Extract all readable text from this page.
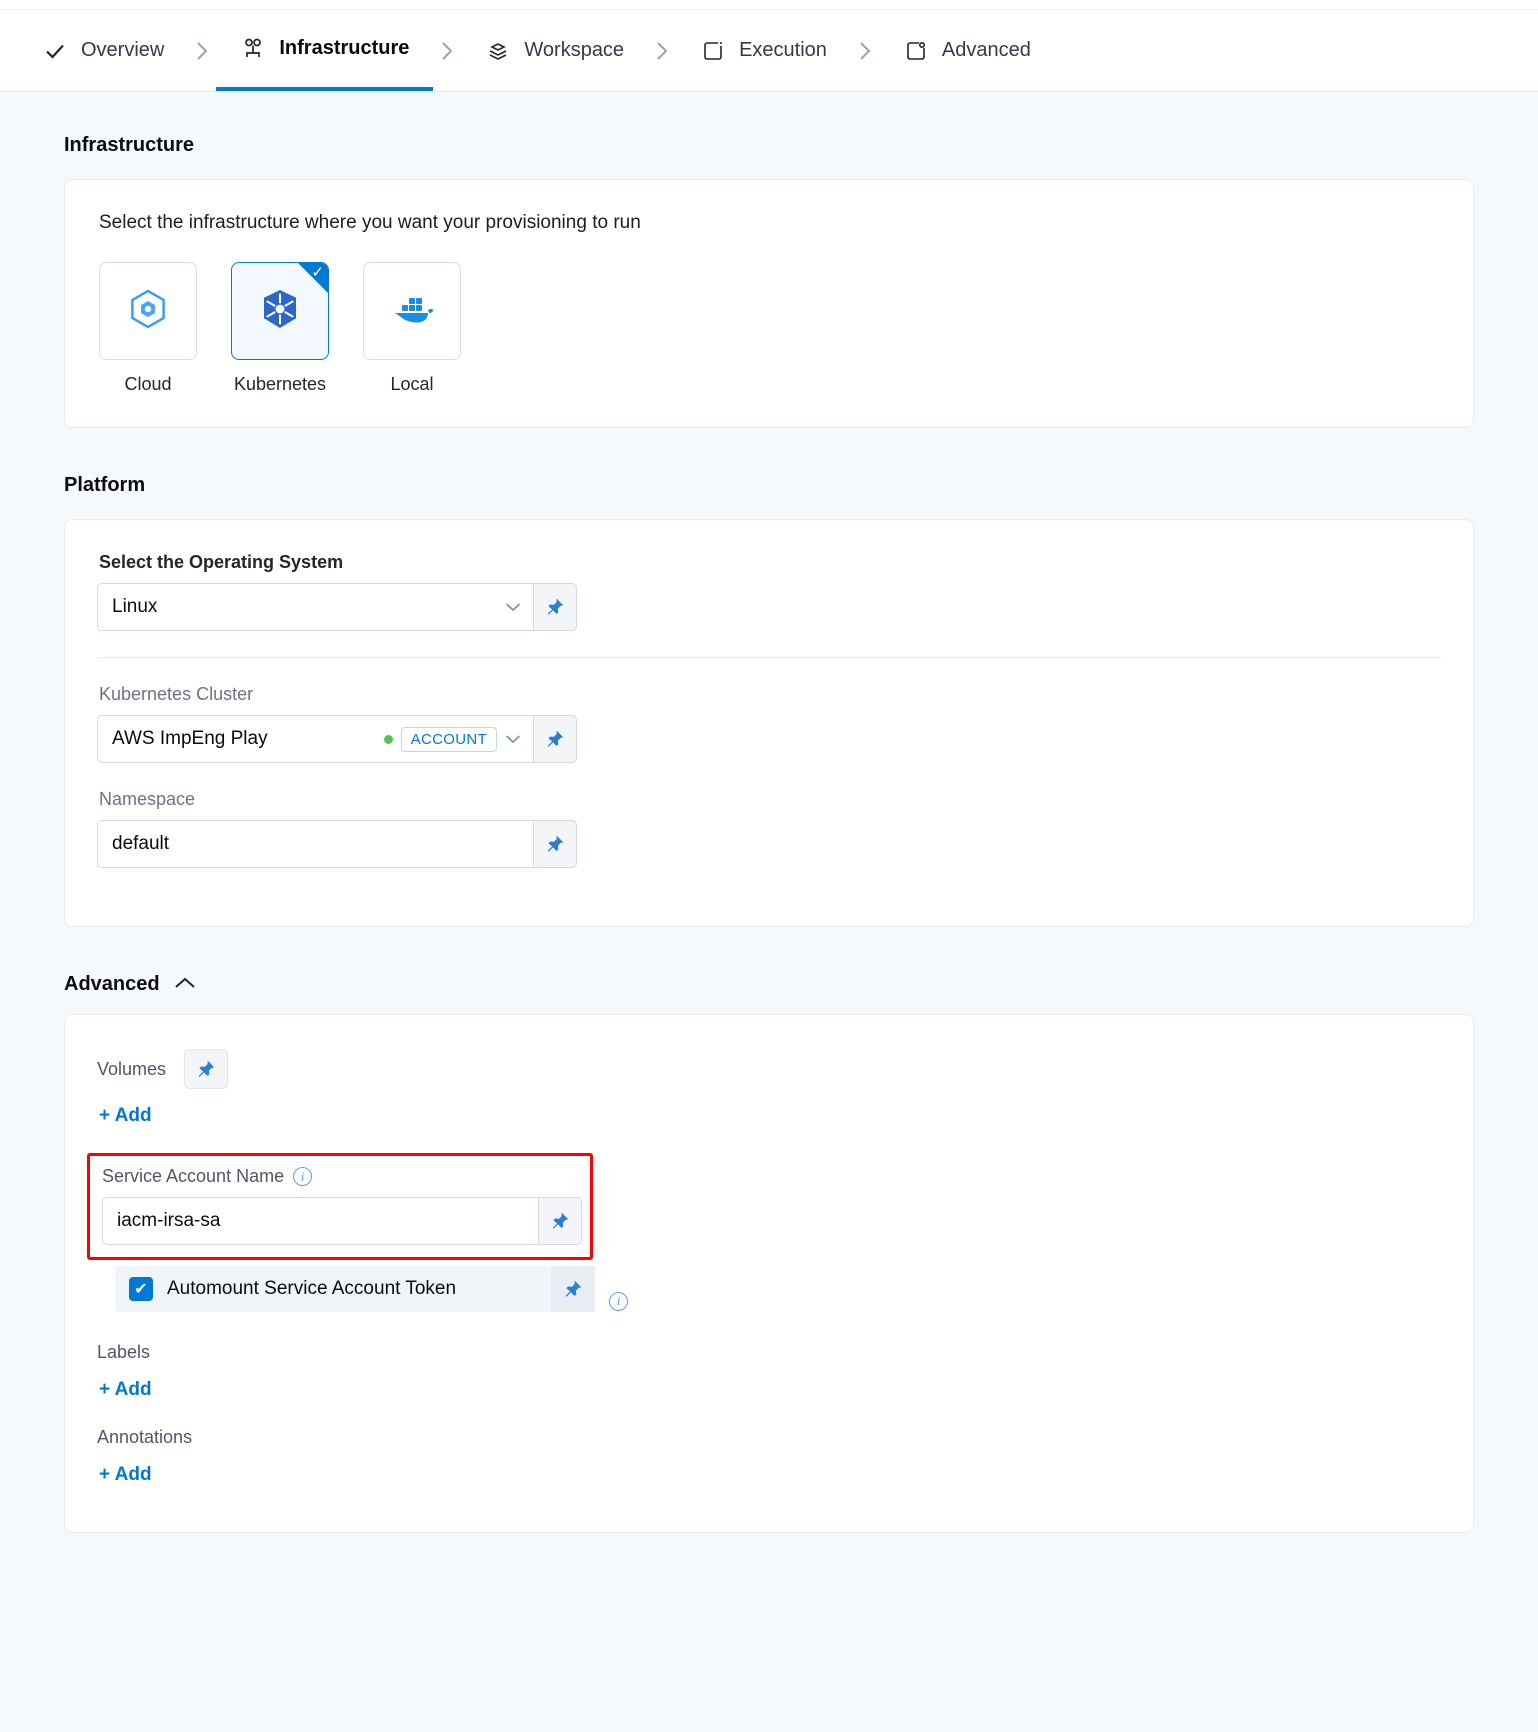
Overview	Infrastructure	Workspace	Execution	Advanced
Infrastructure

Select the infrastructure where you want your provisioning to run

Cloud
✓
Kubernetes	Local
Platform
Select the Operating System
Linux
Kubernetes Cluster
AWS ImpEng Play	ACCOUNT
Namespace
default
Advanced
Volumes
+ Add
Service Account Name	i
iacm-irsa-sa
✔ Automount Service Account Token
i
Labels
+ Add
Annotations
+ Add
